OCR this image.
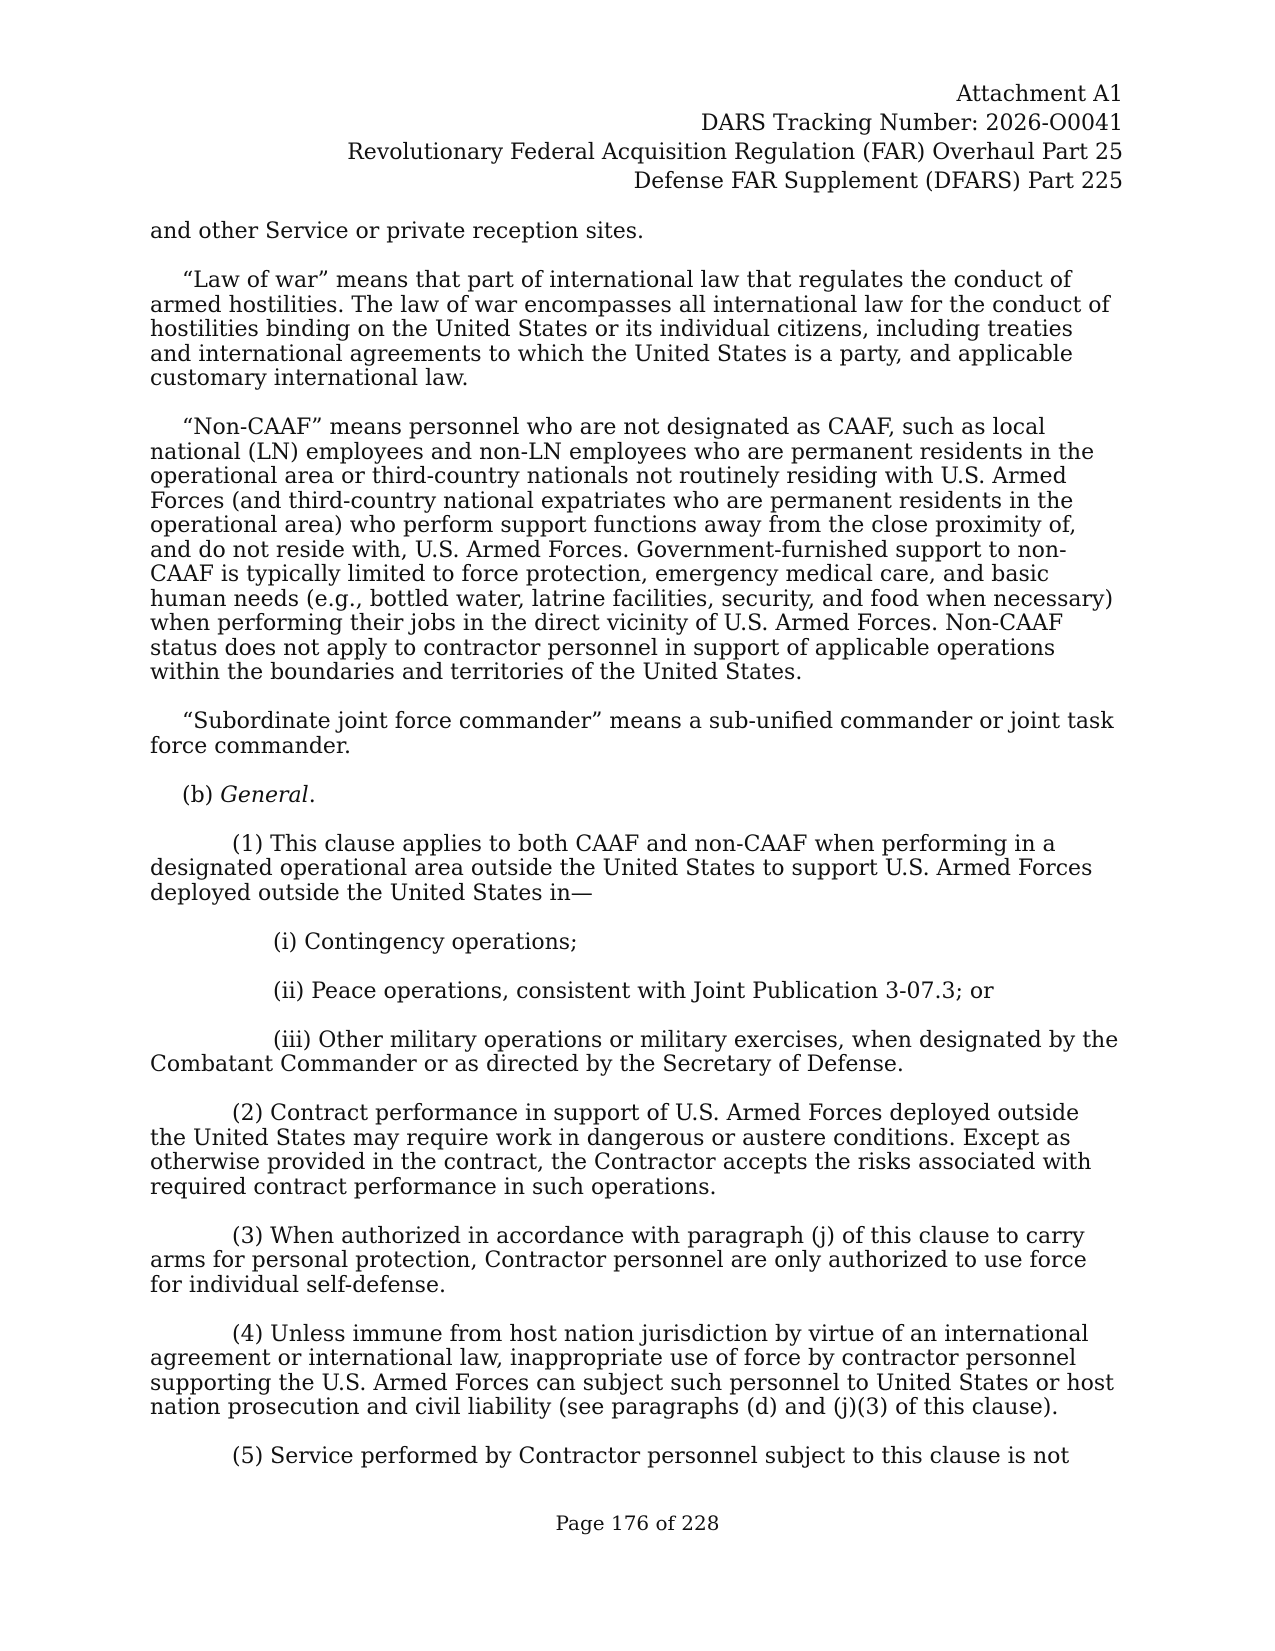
Attachment A1
DARS Tracking Number: 2026-O0041
Revolutionary Federal Acquisition Regulation (FAR) Overhaul Part 25
Defense FAR Supplement (DFARS) Part 225

and other Service or private reception sites.

“Law of war” means that part of international law that regulates the conduct of armed hostilities. The law of war encompasses all international law for the conduct of hostilities binding on the United States or its individual citizens, including treaties and international agreements to which the United States is a party, and applicable customary international law.

“Non-CAAF” means personnel who are not designated as CAAF, such as local national (LN) employees and non-LN employees who are permanent residents in the operational area or third-country nationals not routinely residing with U.S. Armed Forces (and third-country national expatriates who are permanent residents in the operational area) who perform support functions away from the close proximity of, and do not reside with, U.S. Armed Forces. Government-furnished support to non-CAAF is typically limited to force protection, emergency medical care, and basic human needs (e.g., bottled water, latrine facilities, security, and food when necessary) when performing their jobs in the direct vicinity of U.S. Armed Forces. Non-CAAF status does not apply to contractor personnel in support of applicable operations within the boundaries and territories of the United States.

“Subordinate joint force commander” means a sub-unified commander or joint task force commander.

(b) General.

(1) This clause applies to both CAAF and non-CAAF when performing in a designated operational area outside the United States to support U.S. Armed Forces deployed outside the United States in—

(i) Contingency operations;

(ii) Peace operations, consistent with Joint Publication 3-07.3; or

(iii) Other military operations or military exercises, when designated by the Combatant Commander or as directed by the Secretary of Defense.

(2) Contract performance in support of U.S. Armed Forces deployed outside the United States may require work in dangerous or austere conditions. Except as otherwise provided in the contract, the Contractor accepts the risks associated with required contract performance in such operations.

(3) When authorized in accordance with paragraph (j) of this clause to carry arms for personal protection, Contractor personnel are only authorized to use force for individual self-defense.

(4) Unless immune from host nation jurisdiction by virtue of an international agreement or international law, inappropriate use of force by contractor personnel supporting the U.S. Armed Forces can subject such personnel to United States or host nation prosecution and civil liability (see paragraphs (d) and (j)(3) of this clause).

(5) Service performed by Contractor personnel subject to this clause is not

Page 176 of 228
